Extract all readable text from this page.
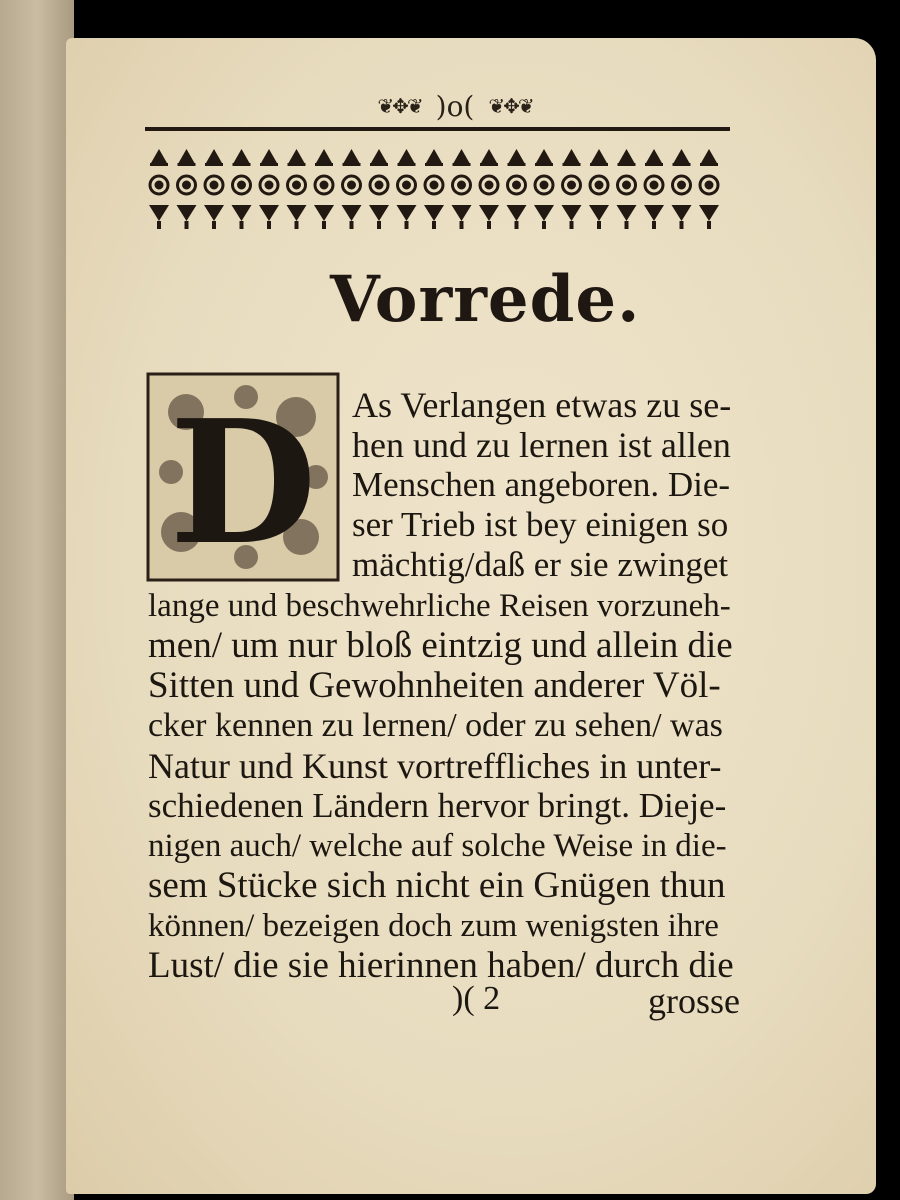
❦✥❦ )o( ❦✥❦
Vorrede.
D As Verlangen etwas zu se-
hen und zu lernen ist allen
Menschen angeboren. Die-
ser Trieb ist bey einigen so
mächtig/daß er sie zwinget
lange und beschwehrliche Reisen vorzuneh-
men/ um nur bloß eintzig und allein die
Sitten und Gewohnheiten anderer Völ-
cker kennen zu lernen/ oder zu sehen/ was
Natur und Kunst vortreffliches in unter-
schiedenen Ländern hervor bringt. Dieje-
nigen auch/ welche auf solche Weise in die-
sem Stücke sich nicht ein Gnügen thun
können/ bezeigen doch zum wenigsten ihre
Lust/ die sie hierinnen haben/ durch die
)( 2	grosse
